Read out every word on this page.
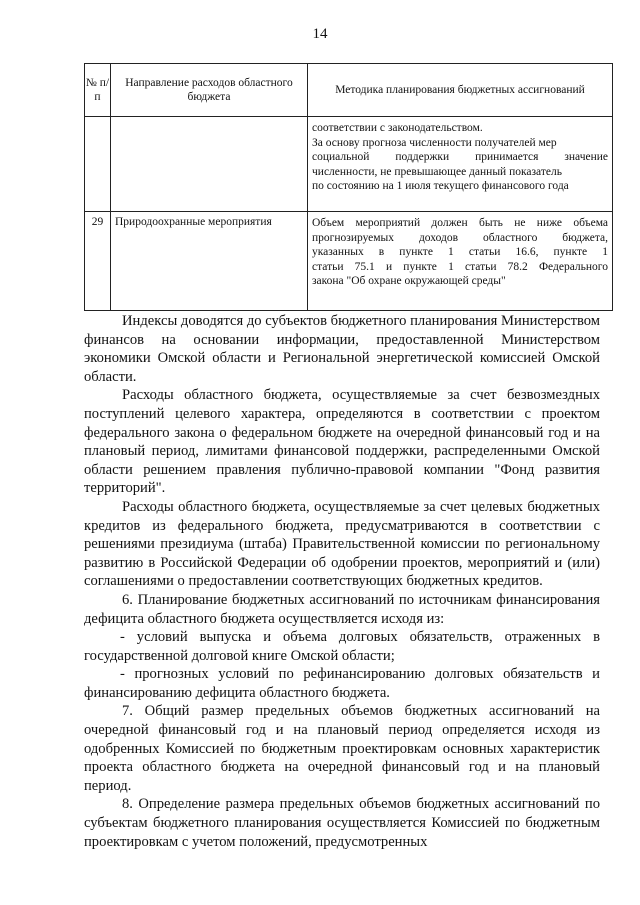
14
№ п/п	Направление расходов областного бюджета	Методика планирования бюджетных ассигнований

		соответствии с законодательством.
За основу прогноза численности получателей мер
социальной поддержки принимается значение
численности, не превышающее данный показатель
по состоянию на 1 июля текущего финансового года

29	Природоохранные мероприятия	Объем мероприятий должен быть не ниже объема
прогнозируемых доходов областного бюджета,
указанных в пункте 1 статьи 16.6, пункте 1
статьи 75.1 и пункте 1 статьи 78.2 Федерального
закона "Об охране окружающей среды"

Индексы доводятся до субъектов бюджетного планирования Министерством финансов на основании информации, предоставленной Министерством экономики Омской области и Региональной энергетической комиссией Омской области.

Расходы областного бюджета, осуществляемые за счет безвозмездных поступлений целевого характера, определяются в соответствии с проектом федерального закона о федеральном бюджете на очередной финансовый год и на плановый период, лимитами финансовой поддержки, распределенными Омской области решением правления публично-правовой компании "Фонд развития территорий".

Расходы областного бюджета, осуществляемые за счет целевых бюджетных кредитов из федерального бюджета, предусматриваются в соответствии с решениями президиума (штаба) Правительственной комиссии по региональному развитию в Российской Федерации об одобрении проектов, мероприятий и (или) соглашениями о предоставлении соответствующих бюджетных кредитов.

6. Планирование бюджетных ассигнований по источникам финансирования дефицита областного бюджета осуществляется исходя из:

- условий выпуска и объема долговых обязательств, отраженных в государственной долговой книге Омской области;

- прогнозных условий по рефинансированию долговых обязательств и финансированию дефицита областного бюджета.

7. Общий размер предельных объемов бюджетных ассигнований на очередной финансовый год и на плановый период определяется исходя из одобренных Комиссией по бюджетным проектировкам основных характеристик проекта областного бюджета на очередной финансовый год и на плановый период.

8. Определение размера предельных объемов бюджетных ассигнований по субъектам бюджетного планирования осуществляется Комиссией по бюджетным проектировкам с учетом положений, предусмотренных
